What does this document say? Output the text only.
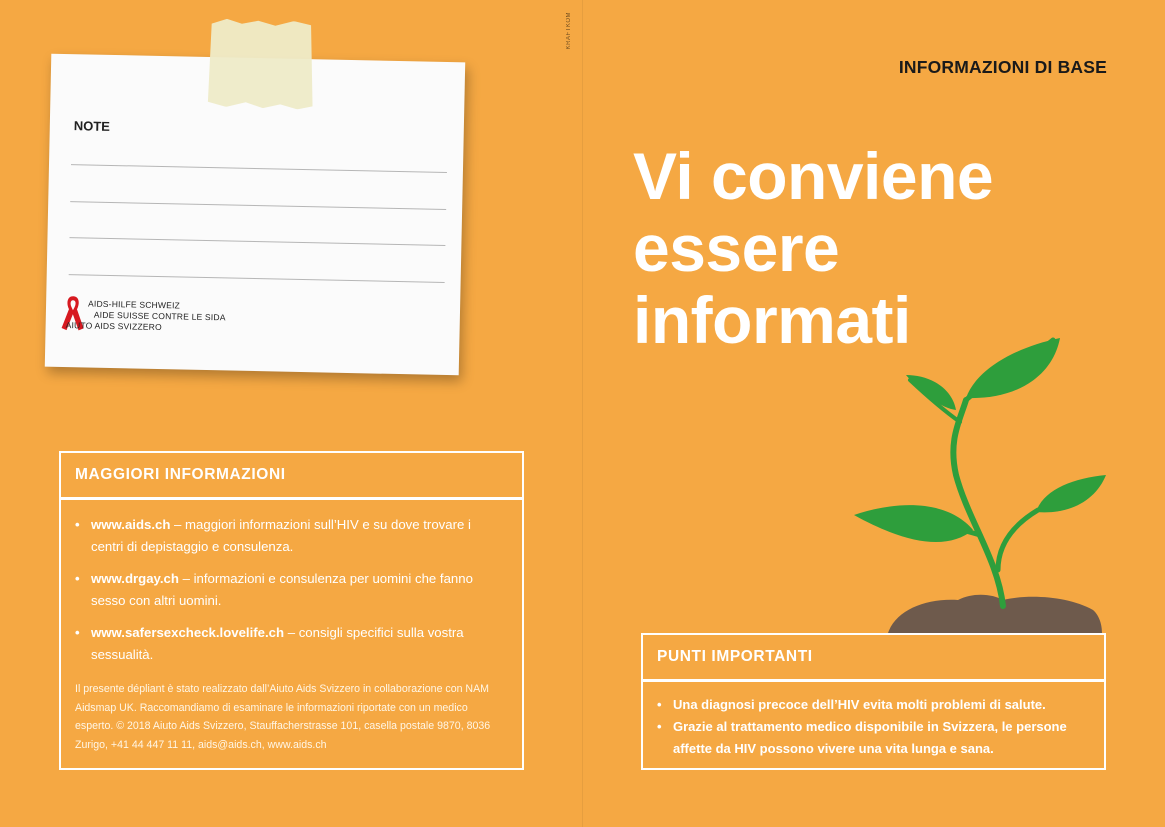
KRAFTKOM
NOTE
AIDS-HILFE SCHWEIZ
AIDE SUISSE CONTRE LE SIDA
AIUTO AIDS SVIZZERO
MAGGIORI INFORMAZIONI
• www.aids.ch – maggiori informazioni sull’HIV e su dove trovare i centri di depistaggio e consulenza.
• www.drgay.ch – informazioni e consulenza per uomini che fanno sesso con altri uomini.
• www.safersexcheck.lovelife.ch – consigli specifici sulla vostra sessualità.
Il presente dépliant è stato realizzato dall’Aiuto Aids Svizzero in collaborazione con NAM Aidsmap UK. Raccomandiamo di esaminare le informazioni riportate con un medico esperto. © 2018 Aiuto Aids Svizzero, Stauffacherstrasse 101, casella postale 9870, 8036 Zurigo, +41 44 447 11 11, aids@aids.ch, www.aids.ch
INFORMAZIONI DI BASE
Vi conviene
essere
informati
PUNTI IMPORTANTI
• Una diagnosi precoce dell’HIV evita molti problemi di salute.
• Grazie al trattamento medico disponibile in Svizzera, le persone affette da HIV possono vivere una vita lunga e sana.
